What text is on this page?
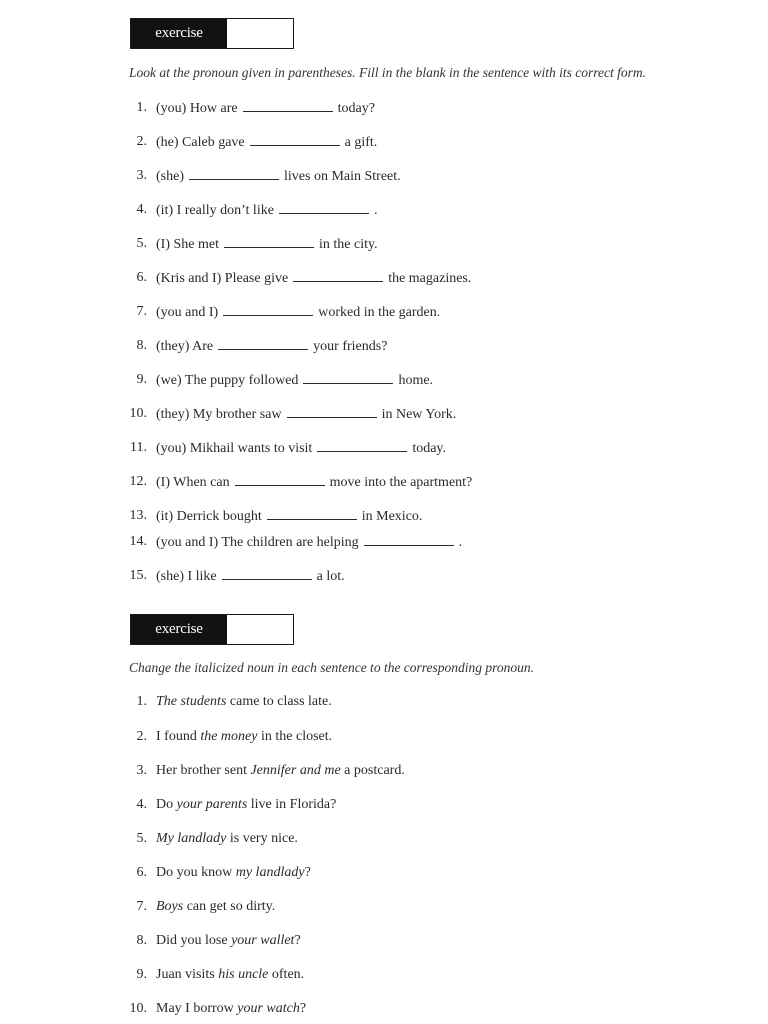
exercise
Look at the pronoun given in parentheses. Fill in the blank in the sentence with its correct form.
1. (you) How are	today?
2. (he) Caleb gave	a gift.
3. (she)	lives on Main Street.
4. (it) I really don’t like	.
5. (I) She met	in the city.
6. (Kris and I) Please give	the magazines.
7. (you and I)	worked in the garden.
8. (they) Are	your friends?
9. (we) The puppy followed	home.
10. (they) My brother saw	in New York.
11. (you) Mikhail wants to visit	today.
12. (I) When can	move into the apartment?
13. (it) Derrick bought	in Mexico.
14. (you and I) The children are helping	.
15. (she) I like	a lot.
exercise
Change the italicized noun in each sentence to the corresponding pronoun.
1. The students came to class late.
2. I found the money in the closet.
3. Her brother sent Jennifer and me a postcard.
4. Do your parents live in Florida?
5. My landlady is very nice.
6. Do you know my landlady?
7. Boys can get so dirty.
8. Did you lose your wallet?
9. Juan visits his uncle often.
10. May I borrow your watch?
